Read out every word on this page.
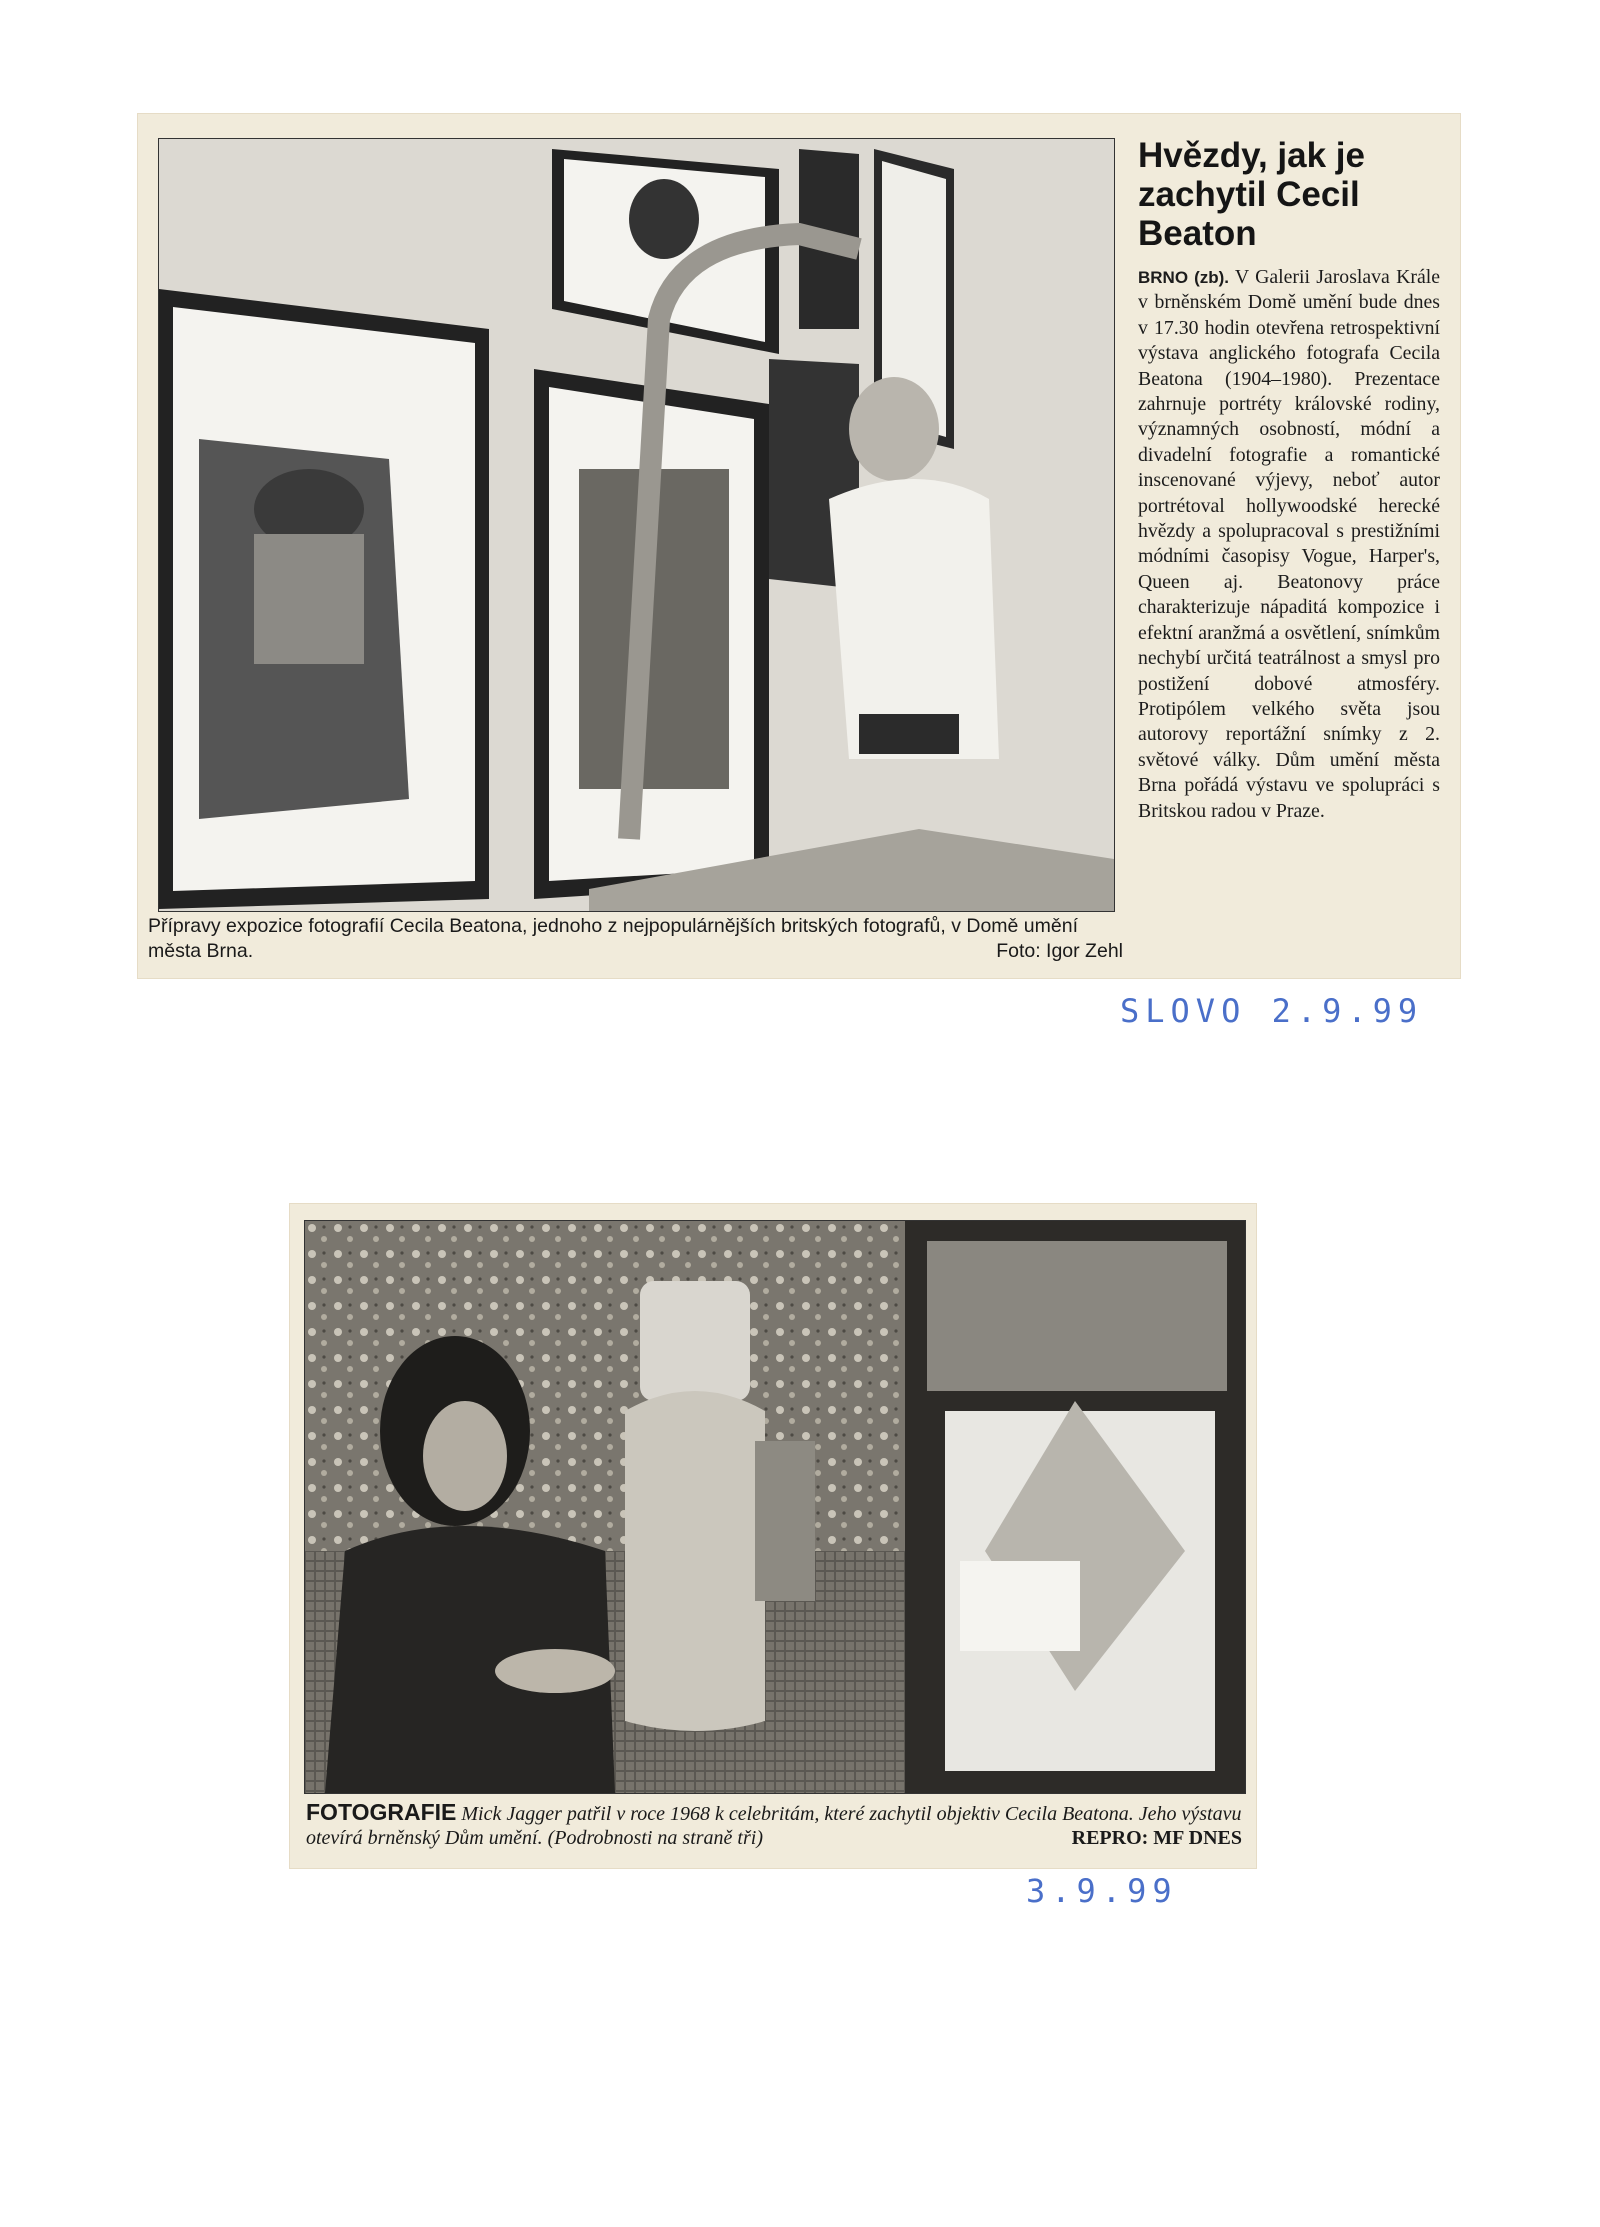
Přípravy expozice fotografií Cecila Beatona, jednoho z nejpopulárnějších britských fotografů, v Domě umění města Brna.	Foto: Igor Zehl
Hvězdy, jak je zachytil Cecil Beaton

BRNO (zb). V Galerii Jaroslava Krále v brněnském Domě umění bude dnes v 17.30 hodin otevřena retrospektivní výstava anglického fotografa Cecila Beatona (1904–1980). Prezentace zahrnuje portréty královské rodiny, významných osobností, módní a divadelní fotografie a romantické inscenované výjevy, neboť autor portrétoval hollywoodské herecké hvězdy a spolupracoval s prestižními módními časopisy Vogue, Harper's, Queen aj. Beatonovy práce charakterizuje nápaditá kompozice i efektní aranžmá a osvětlení, snímkům nechybí určitá teatrálnost a smysl pro postižení dobové atmosféry. Protipólem velkého světa jsou autorovy reportážní snímky z 2. světové války. Dům umění města Brna pořádá výstavu ve spolupráci s Britskou radou v Praze.

SLOVO 2.9.99
FOTOGRAFIE Mick Jagger patřil v roce 1968 k celebritám, které zachytil objektiv Cecila Beatona. Jeho výstavu otevírá brněnský Dům umění. (Podrobnosti na straně tři)	REPRO: MF DNES
3.9.99
